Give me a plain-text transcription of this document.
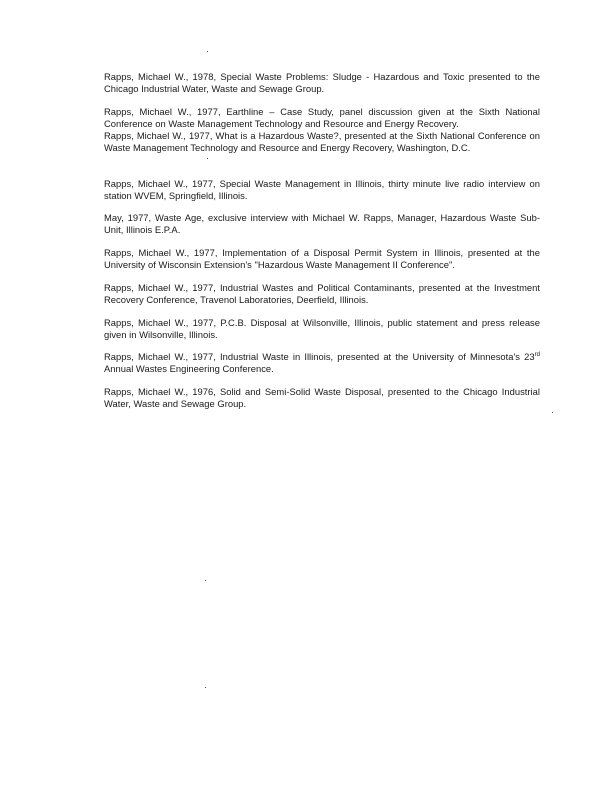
Rapps, Michael W., 1978, Special Waste Problems: Sludge - Hazardous and Toxic presented to the Chicago Industrial Water, Waste and Sewage Group.

Rapps, Michael W., 1977, Earthline – Case Study, panel discussion given at the Sixth National Conference on Waste Management Technology and Resource and Energy Recovery.

Rapps, Michael W., 1977, What is a Hazardous Waste?, presented at the Sixth National Conference on Waste Management Technology and Resource and Energy Recovery, Washington, D.C.

Rapps, Michael W., 1977, Special Waste Management in Illinois, thirty minute live radio interview on station WVEM, Springfield, Illinois.

May, 1977, Waste Age, exclusive interview with Michael W. Rapps, Manager, Hazardous Waste Sub-Unit, Illinois E.P.A.

Rapps, Michael W., 1977, Implementation of a Disposal Permit System in Illinois, presented at the University of Wisconsin Extension's "Hazardous Waste Management II Conference".

Rapps, Michael W., 1977, Industrial Wastes and Political Contaminants, presented at the Investment Recovery Conference, Travenol Laboratories, Deerfield, Illinois.

Rapps, Michael W., 1977, P.C.B. Disposal at Wilsonville, Illinois, public statement and press release given in Wilsonville, Illinois.

Rapps, Michael W., 1977, Industrial Waste in Illinois, presented at the University of Minnesota's 23rd Annual Wastes Engineering Conference.

Rapps, Michael W., 1976, Solid and Semi-Solid Waste Disposal, presented to the Chicago Industrial Water, Waste and Sewage Group.
